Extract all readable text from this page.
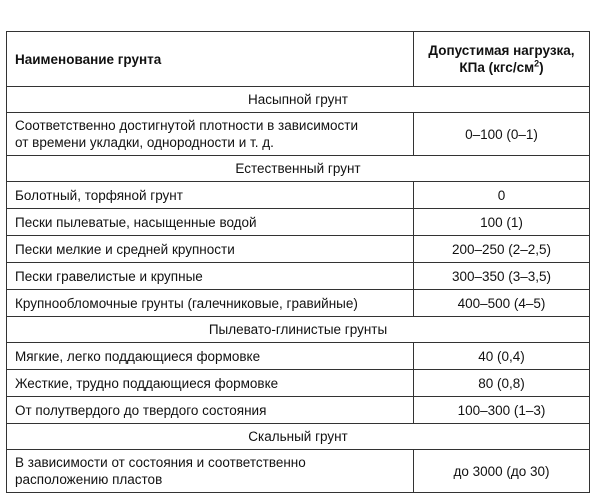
Наименование грунта	Допустимая нагрузка,
КПа $(кгс/см^2)$
Насыпной грунт	
Соответственно достигнутой плотности в зависимости
от времени укладки, однородности и т. д.	0–100 (0–1)
Естественный грунт	
Болотный, торфяной грунт	0
Пески пылеватые, насыщенные водой	100 (1)
Пески мелкие и средней крупности	200–250 (2–2,5)
Пески гравелистые и крупные	300–350 (3–3,5)
Крупнообломочные грунты (галечниковые, гравийные)	400–500 (4–5)
Пылевато-глинистые грунты	
Мягкие, легко поддающиеся формовке	40 (0,4)
Жесткие, трудно поддающиеся формовке	80 (0,8)
От полутвердого до твердого состояния	100–300 (1–3)
Скальный грунт	
В зависимости от состояния и соответственно
расположению пластов	до 3000 (до 30)
